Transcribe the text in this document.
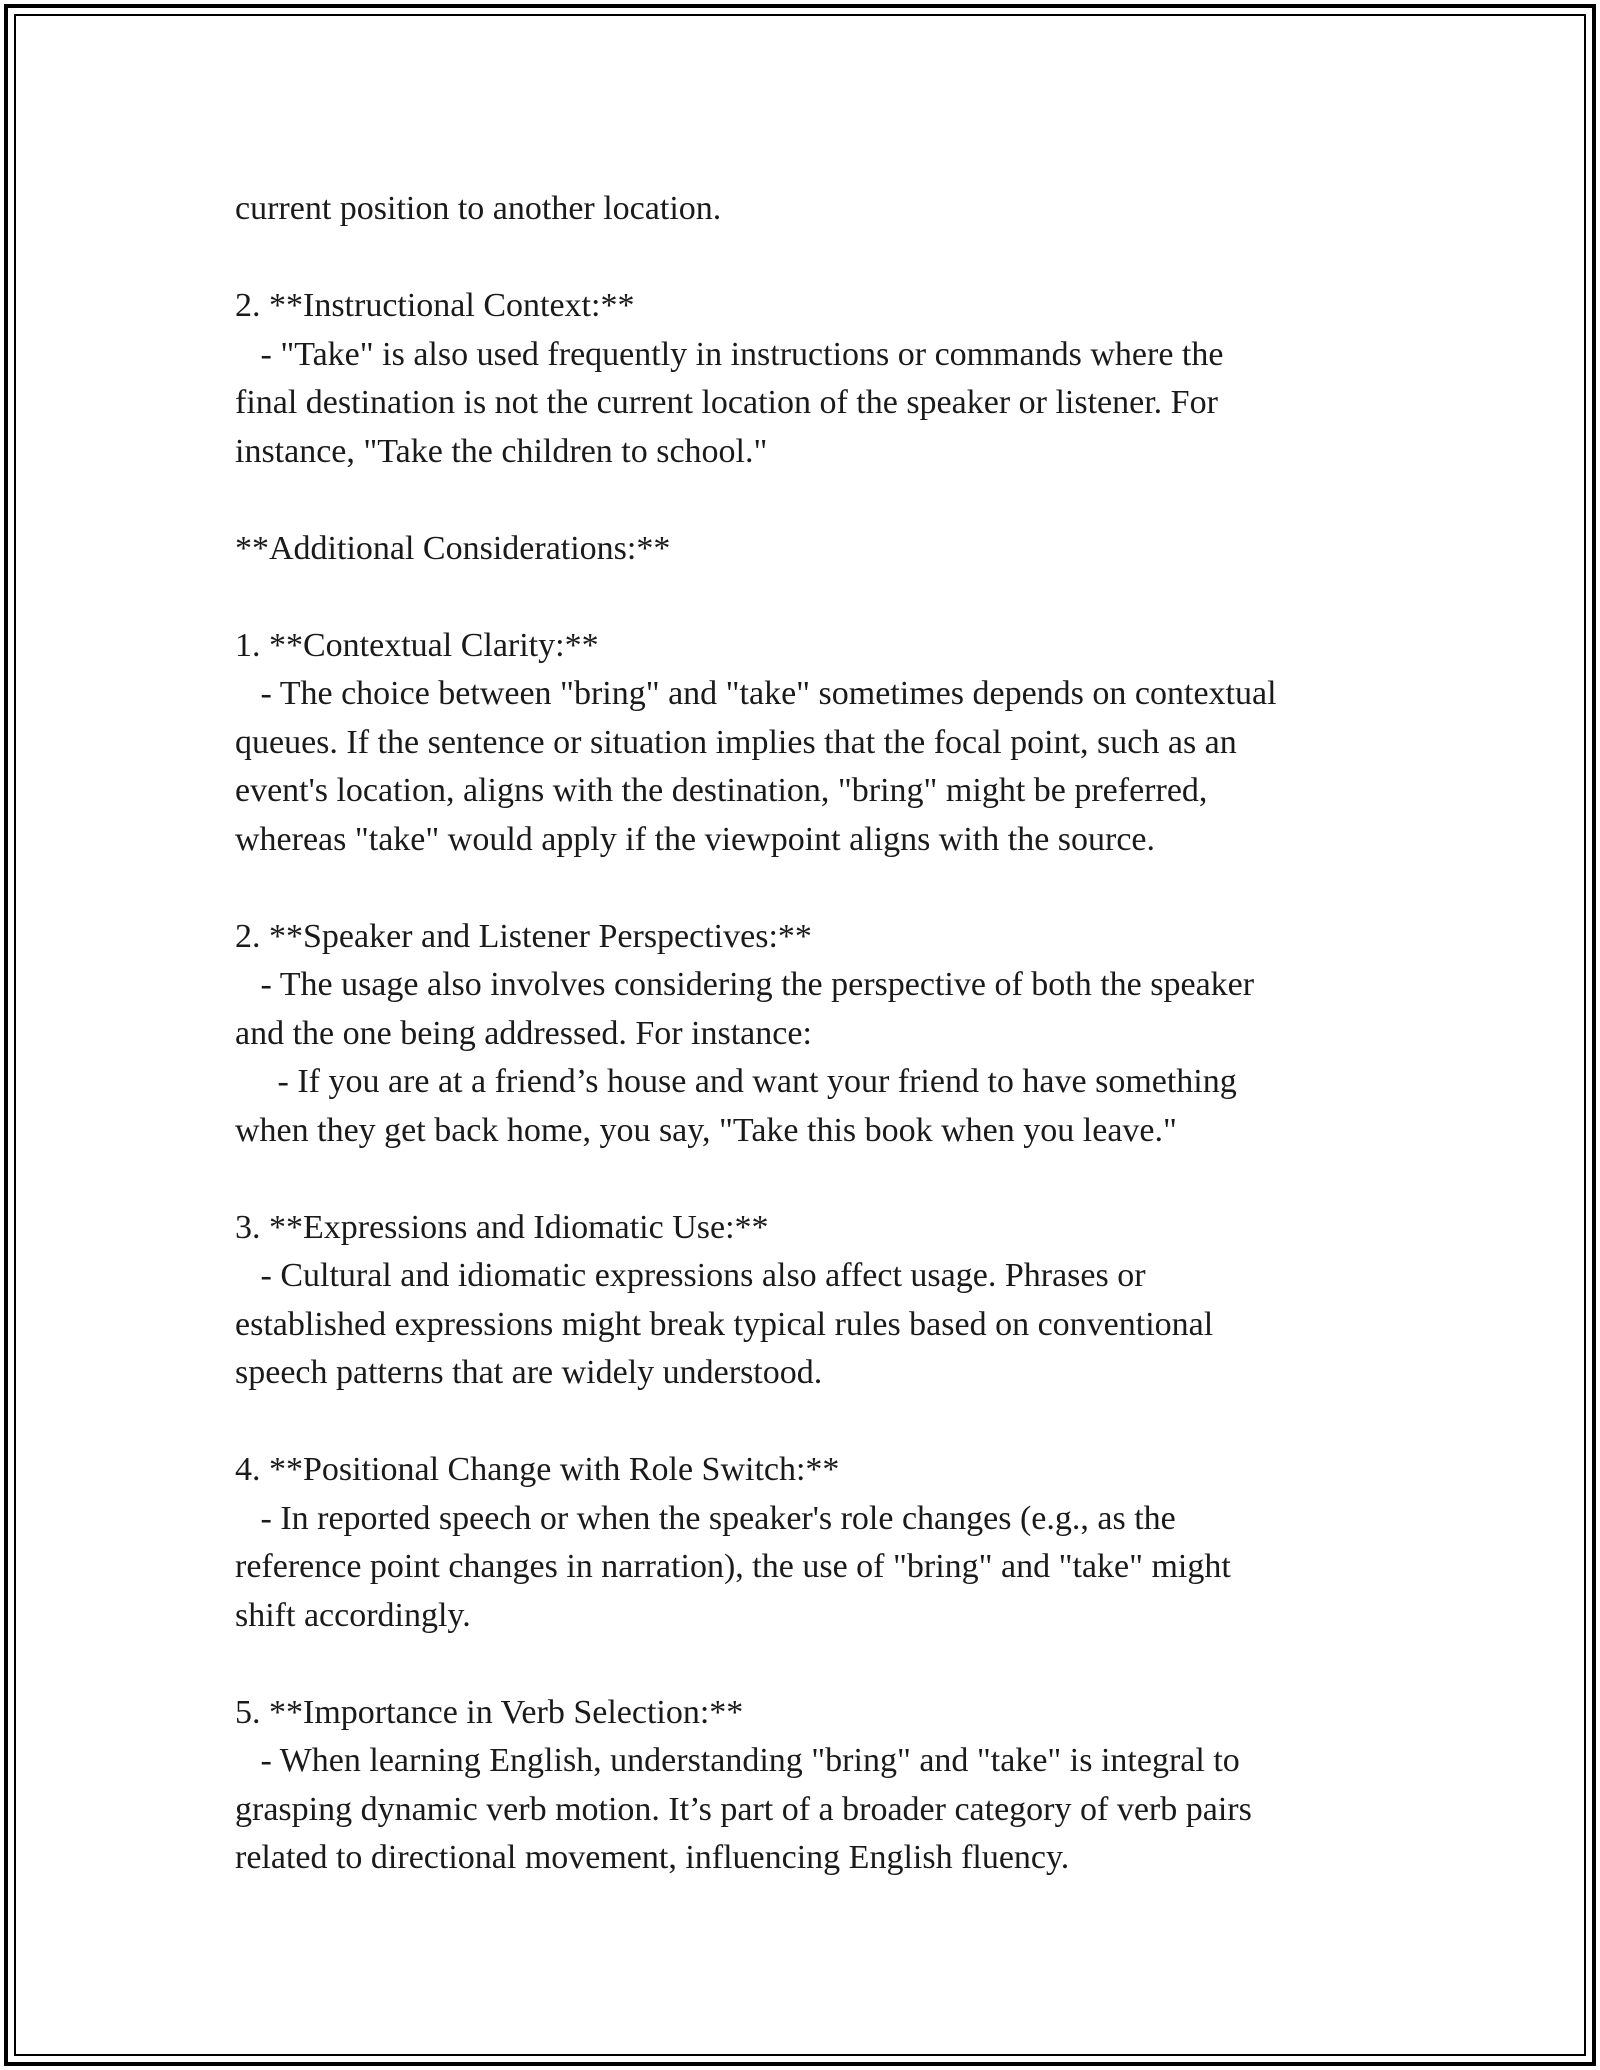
current position to another location.
2. **Instructional Context:**
- "Take" is also used frequently in instructions or commands where the
final destination is not the current location of the speaker or listener. For
instance, "Take the children to school."
**Additional Considerations:**
1. **Contextual Clarity:**
- The choice between "bring" and "take" sometimes depends on contextual
queues. If the sentence or situation implies that the focal point, such as an
event's location, aligns with the destination, "bring" might be preferred,
whereas "take" would apply if the viewpoint aligns with the source.
2. **Speaker and Listener Perspectives:**
- The usage also involves considering the perspective of both the speaker
and the one being addressed. For instance:
- If you are at a friend’s house and want your friend to have something
when they get back home, you say, "Take this book when you leave."
3. **Expressions and Idiomatic Use:**
- Cultural and idiomatic expressions also affect usage. Phrases or
established expressions might break typical rules based on conventional
speech patterns that are widely understood.
4. **Positional Change with Role Switch:**
- In reported speech or when the speaker's role changes (e.g., as the
reference point changes in narration), the use of "bring" and "take" might
shift accordingly.
5. **Importance in Verb Selection:**
- When learning English, understanding "bring" and "take" is integral to
grasping dynamic verb motion. It’s part of a broader category of verb pairs
related to directional movement, influencing English fluency.
